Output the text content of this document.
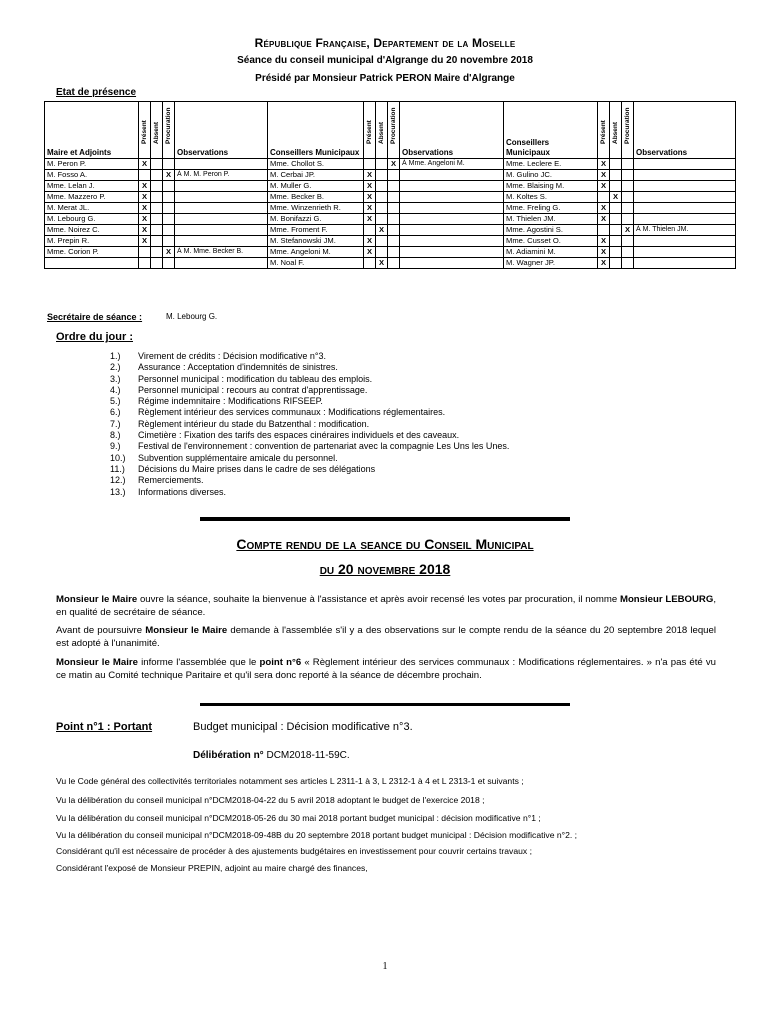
République Française, Departement de la Moselle
Séance du conseil municipal d'Algrange du 20 novembre 2018
Présidé par Monsieur Patrick PERON Maire d'Algrange
Etat de présence
Maire et Adjoints	Présent	Absent	Procuration	Observations	Conseillers Municipaux	Présent	Absent	Procuration	Observations	Conseillers Municipaux	Présent	Absent	Procuration	Observations
M. Peron P.	X				Mme. Chollot S.			X	À Mme. Angeloni M.	Mme. Leclere E.	X			
M. Fosso A.			X	À M. M. Peron P.	M. Cerbai JP.	X				M. Gulino JC.	X			
Mme. Lelan J.	X				M. Muller G.	X				Mme. Blaising M.	X			
Mme. Mazzero P.	X				Mme. Becker B.	X				M. Koltes S.		X		
M. Merat JL.	X				Mme. Winzenrieth R.	X				Mme. Freling G.	X			
M. Lebourg G.	X				M. Bonifazzi G.	X				M. Thielen JM.	X			
Mme. Noirez C.	X				Mme. Froment F.		X			Mme. Agostini S.			X	À M. Thielen JM.
M. Prepin R.	X				M. Stefanowski JM.	X				Mme. Cusset O.	X			
Mme. Corion P.			X	À M. Mme. Becker B.	Mme. Angeloni M.	X				M. Adiamini M.	X			
					M. Noal F.		X			M. Wagner JP.	X			
Secrétaire de séance :	M. Lebourg G.
Ordre du jour :
1.)	Virement de crédits : Décision modificative n°3.
2.)	Assurance : Acceptation d'indemnités de sinistres.
3.)	Personnel municipal : modification du tableau des emplois.
4.)	Personnel municipal : recours au contrat d'apprentissage.
5.)	Régime indemnitaire : Modifications RIFSEEP.
6.)	Règlement intérieur des services communaux : Modifications réglementaires.
7.)	Règlement intérieur du stade du Batzenthal : modification.
8.)	Cimetière : Fixation des tarifs des espaces cinéraires individuels et des caveaux.
9.)	Festival de l'environnement : convention de partenariat avec la compagnie Les Uns les Unes.
10.)	Subvention supplémentaire amicale du personnel.
11.)	Décisions du Maire prises dans le cadre de ses délégations
12.)	Remerciements.
13.)	Informations diverses.
Compte rendu de la seance du Conseil Municipal
du 20 novembre 2018
Monsieur le Maire ouvre la séance, souhaite la bienvenue à l'assistance et après avoir recensé les votes par procuration, il nomme Monsieur LEBOURG, en qualité de secrétaire de séance.
Avant de poursuivre Monsieur le Maire demande à l'assemblée s'il y a des observations sur le compte rendu de la séance du 20 septembre 2018 lequel est adopté à l'unanimité.
Monsieur le Maire informe l'assemblée que le point n°6 « Règlement intérieur des services communaux : Modifications réglementaires. » n'a pas été vu ce matin au Comité technique Paritaire et qu'il sera donc reporté à la séance de décembre prochain.
Point n°1 : Portant	Budget municipal : Décision modificative n°3.
Délibération n° DCM2018-11-59C.
Vu le Code général des collectivités territoriales notamment ses articles L 2311-1 à 3, L 2312-1 à 4 et L 2313-1 et suivants ;
Vu la délibération du conseil municipal n°DCM2018-04-22 du 5 avril 2018 adoptant le budget de l'exercice 2018 ;
Vu la délibération du conseil municipal n°DCM2018-05-26 du 30 mai 2018 portant budget municipal : décision modificative n°1 ;
Vu la délibération du conseil municipal n°DCM2018-09-48B du 20 septembre 2018 portant budget municipal : Décision modificative n°2. ;
Considérant qu'il est nécessaire de procéder à des ajustements budgétaires en investissement pour couvrir certains travaux ;
Considérant l'exposé de Monsieur PREPIN, adjoint au maire chargé des finances,
1
